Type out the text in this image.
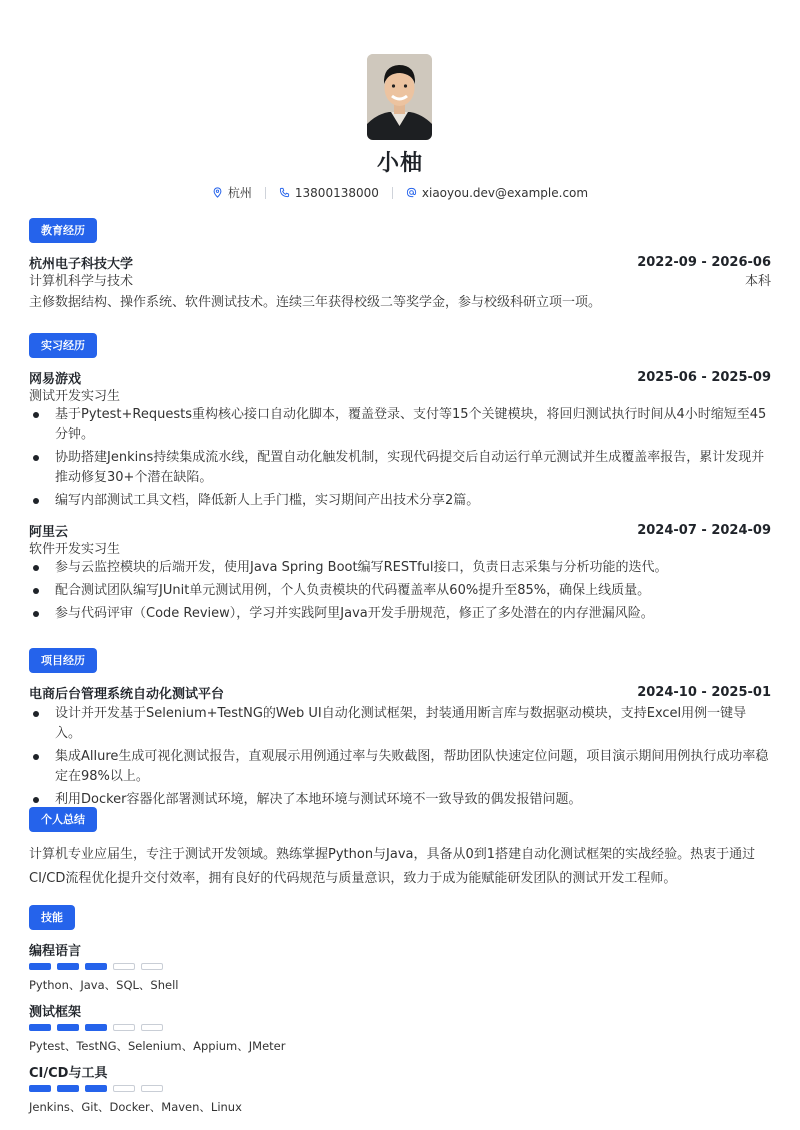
小柚
杭州	13800138000	xiaoyou.dev@example.com
教育经历
杭州电子科技大学	2022-09 - 2026-06
计算机科学与技术	本科
主修数据结构、操作系统、软件测试技术。连续三年获得校级二等奖学金，参与校级科研立项一项。
实习经历
网易游戏	2025-06 - 2025-09
测试开发实习生
基于Pytest+Requests重构核心接口自动化脚本，覆盖登录、支付等15个关键模块，将回归测试执行时间从4小时缩短至45分钟。
协助搭建Jenkins持续集成流水线，配置自动化触发机制，实现代码提交后自动运行单元测试并生成覆盖率报告，累计发现并推动修复30+个潜在缺陷。
编写内部测试工具文档，降低新人上手门槛，实习期间产出技术分享2篇。
阿里云	2024-07 - 2024-09
软件开发实习生
参与云监控模块的后端开发，使用Java Spring Boot编写RESTful接口，负责日志采集与分析功能的迭代。
配合测试团队编写JUnit单元测试用例，个人负责模块的代码覆盖率从60%提升至85%，确保上线质量。
参与代码评审（Code Review），学习并实践阿里Java开发手册规范，修正了多处潜在的内存泄漏风险。
项目经历
电商后台管理系统自动化测试平台	2024-10 - 2025-01
设计并开发基于Selenium+TestNG的Web UI自动化测试框架，封装通用断言库与数据驱动模块，支持Excel用例一键导入。
集成Allure生成可视化测试报告，直观展示用例通过率与失败截图，帮助团队快速定位问题，项目演示期间用例执行成功率稳定在98%以上。
利用Docker容器化部署测试环境，解决了本地环境与测试环境不一致导致的偶发报错问题。
个人总结
计算机专业应届生，专注于测试开发领域。熟练掌握Python与Java，具备从0到1搭建自动化测试框架的实战经验。热衷于通过CI/CD流程优化提升交付效率，拥有良好的代码规范与质量意识，致力于成为能赋能研发团队的测试开发工程师。
技能
编程语言
Python、Java、SQL、Shell
测试框架
Pytest、TestNG、Selenium、Appium、JMeter
CI/CD与工具
Jenkins、Git、Docker、Maven、Linux
